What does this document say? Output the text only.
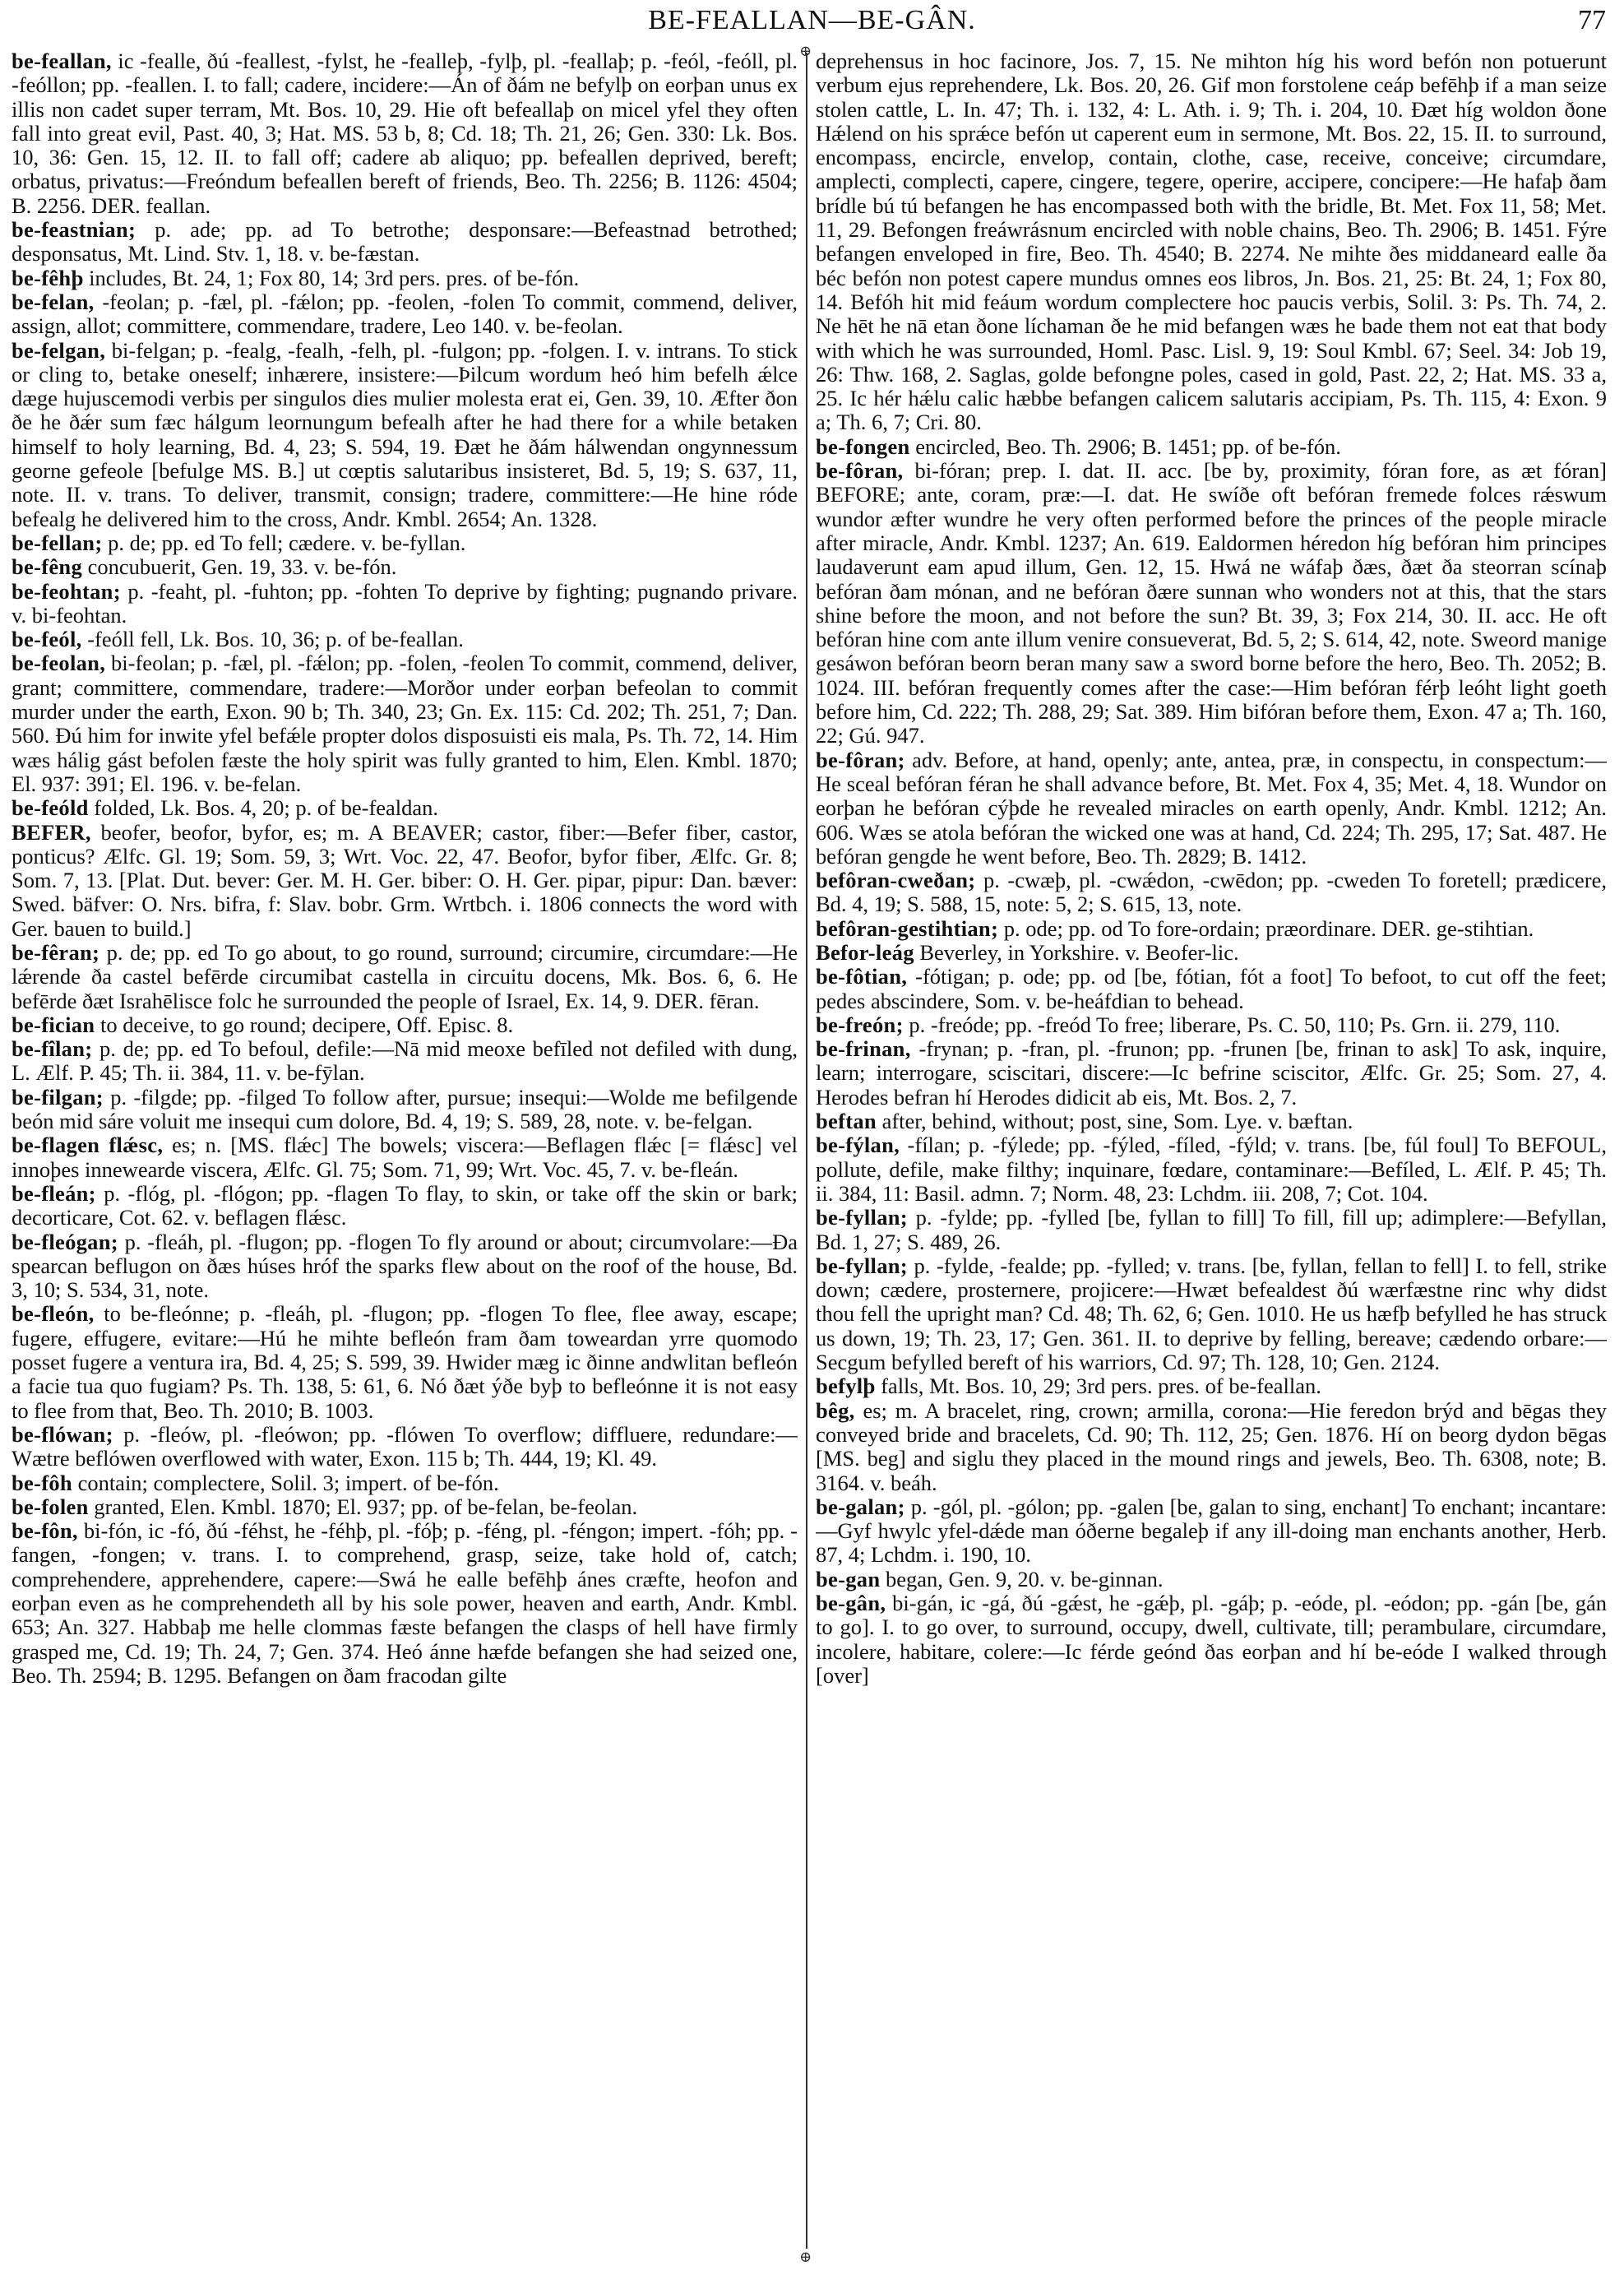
BE-FEALLAN—BE-GÂN.	77

be-feallan, ic -fealle, ðú -feallest, -fylst, he -fealleþ, -fylþ, pl. -feallaþ; p. -feól, -feóll, pl. -feóllon; pp. -feallen. I. to fall; cadere, incidere:—Án of ðám ne befylþ on eorþan unus ex illis non cadet super terram, Mt. Bos. 10, 29. Hie oft befeallaþ on micel yfel they often fall into great evil, Past. 40, 3; Hat. MS. 53 b, 8; Cd. 18; Th. 21, 26; Gen. 330: Lk. Bos. 10, 36: Gen. 15, 12. II. to fall off; cadere ab aliquo; pp. befeallen deprived, bereft; orbatus, privatus:—Freóndum befeallen bereft of friends, Beo. Th. 2256; B. 1126: 4504; B. 2256. DER. feallan.

be-feastnian; p. ade; pp. ad To betrothe; desponsare:—Befeastnad betrothed; desponsatus, Mt. Lind. Stv. 1, 18. v. be-fæstan.

be-fêhþ includes, Bt. 24, 1; Fox 80, 14; 3rd pers. pres. of be-fón.

be-felan, -feolan; p. -fæl, pl. -fǽlon; pp. -feolen, -folen To commit, commend, deliver, assign, allot; committere, commendare, tradere, Leo 140. v. be-feolan.

be-felgan, bi-felgan; p. -fealg, -fealh, -felh, pl. -fulgon; pp. -folgen. I. v. intrans. To stick or cling to, betake oneself; inhærere, insistere:—Þilcum wordum heó him befelh ǽlce dæge hujuscemodi verbis per singulos dies mulier molesta erat ei, Gen. 39, 10. Æfter ðon ðe he ðǽr sum fæc hálgum leornungum befealh after he had there for a while betaken himself to holy learning, Bd. 4, 23; S. 594, 19. Ðæt he ðám hálwendan ongynnessum georne gefeole [befulge MS. B.] ut cœptis salutaribus insisteret, Bd. 5, 19; S. 637, 11, note. II. v. trans. To deliver, transmit, consign; tradere, committere:—He hine róde befealg he delivered him to the cross, Andr. Kmbl. 2654; An. 1328.

be-fellan; p. de; pp. ed To fell; cædere. v. be-fyllan.

be-fêng concubuerit, Gen. 19, 33. v. be-fón.

be-feohtan; p. -feaht, pl. -fuhton; pp. -fohten To deprive by fighting; pugnando privare. v. bi-feohtan.

be-feól, -feóll fell, Lk. Bos. 10, 36; p. of be-feallan.

be-feolan, bi-feolan; p. -fæl, pl. -fǽlon; pp. -folen, -feolen To commit, commend, deliver, grant; committere, commendare, tradere:—Morðor under eorþan befeolan to commit murder under the earth, Exon. 90 b; Th. 340, 23; Gn. Ex. 115: Cd. 202; Th. 251, 7; Dan. 560. Ðú him for inwite yfel befǽle propter dolos disposuisti eis mala, Ps. Th. 72, 14. Him wæs hálig gást befolen fæste the holy spirit was fully granted to him, Elen. Kmbl. 1870; El. 937: 391; El. 196. v. be-felan.

be-feóld folded, Lk. Bos. 4, 20; p. of be-fealdan.

BEFER, beofer, beofor, byfor, es; m. A BEAVER; castor, fiber:—Befer fiber, castor, ponticus? Ælfc. Gl. 19; Som. 59, 3; Wrt. Voc. 22, 47. Beofor, byfor fiber, Ælfc. Gr. 8; Som. 7, 13. [Plat. Dut. bever: Ger. M. H. Ger. biber: O. H. Ger. pipar, pipur: Dan. bæver: Swed. bäfver: O. Nrs. bifra, f: Slav. bobr. Grm. Wrtbch. i. 1806 connects the word with Ger. bauen to build.]

be-fêran; p. de; pp. ed To go about, to go round, surround; circumire, circumdare:—He lǽrende ða castel befērde circumibat castella in circuitu docens, Mk. Bos. 6, 6. He befērde ðæt Israhēlisce folc he surrounded the people of Israel, Ex. 14, 9. DER. fēran.

be-fician to deceive, to go round; decipere, Off. Episc. 8.

be-fîlan; p. de; pp. ed To befoul, defile:—Nā mid meoxe befīled not defiled with dung, L. Ælf. P. 45; Th. ii. 384, 11. v. be-fȳlan.

be-filgan; p. -filgde; pp. -filged To follow after, pursue; insequi:—Wolde me befilgende beón mid sáre voluit me insequi cum dolore, Bd. 4, 19; S. 589, 28, note. v. be-felgan.

be-flagen flǽsc, es; n. [MS. flǽc] The bowels; viscera:—Beflagen flǽc [= flǽsc] vel innoþes innewearde viscera, Ælfc. Gl. 75; Som. 71, 99; Wrt. Voc. 45, 7. v. be-fleán.

be-fleán; p. -flóg, pl. -flógon; pp. -flagen To flay, to skin, or take off the skin or bark; decorticare, Cot. 62. v. beflagen flǽsc.

be-fleógan; p. -fleáh, pl. -flugon; pp. -flogen To fly around or about; circumvolare:—Ða spearcan beflugon on ðæs húses hróf the sparks flew about on the roof of the house, Bd. 3, 10; S. 534, 31, note.

be-fleón, to be-fleónne; p. -fleáh, pl. -flugon; pp. -flogen To flee, flee away, escape; fugere, effugere, evitare:—Hú he mihte befleón fram ðam toweardan yrre quomodo posset fugere a ventura ira, Bd. 4, 25; S. 599, 39. Hwider mæg ic ðinne andwlitan befleón a facie tua quo fugiam? Ps. Th. 138, 5: 61, 6. Nó ðæt ýðe byþ to befleónne it is not easy to flee from that, Beo. Th. 2010; B. 1003.

be-flówan; p. -fleów, pl. -fleówon; pp. -flówen To overflow; diffluere, redundare:—Wætre beflówen overflowed with water, Exon. 115 b; Th. 444, 19; Kl. 49.

be-fôh contain; complectere, Solil. 3; impert. of be-fón.

be-folen granted, Elen. Kmbl. 1870; El. 937; pp. of be-felan, be-feolan.

be-fôn, bi-fón, ic -fó, ðú -féhst, he -féhþ, pl. -fóþ; p. -féng, pl. -féngon; impert. -fóh; pp. -fangen, -fongen; v. trans. I. to comprehend, grasp, seize, take hold of, catch; comprehendere, apprehendere, capere:—Swá he ealle befēhþ ánes cræfte, heofon and eorþan even as he comprehendeth all by his sole power, heaven and earth, Andr. Kmbl. 653; An. 327. Habbaþ me helle clommas fæste befangen the clasps of hell have firmly grasped me, Cd. 19; Th. 24, 7; Gen. 374. Heó ánne hæfde befangen she had seized one, Beo. Th. 2594; B. 1295. Befangen on ðam fracodan gilte

⊕
⊕

deprehensus in hoc facinore, Jos. 7, 15. Ne mihton híg his word befón non potuerunt verbum ejus reprehendere, Lk. Bos. 20, 26. Gif mon forstolene ceáp befēhþ if a man seize stolen cattle, L. In. 47; Th. i. 132, 4: L. Ath. i. 9; Th. i. 204, 10. Ðæt híg woldon ðone Hǽlend on his sprǽce befón ut caperent eum in sermone, Mt. Bos. 22, 15. II. to surround, encompass, encircle, envelop, contain, clothe, case, receive, conceive; circumdare, amplecti, complecti, capere, cingere, tegere, operire, accipere, concipere:—He hafaþ ðam brídle bú tú befangen he has encompassed both with the bridle, Bt. Met. Fox 11, 58; Met. 11, 29. Befongen freáwrásnum encircled with noble chains, Beo. Th. 2906; B. 1451. Fýre befangen enveloped in fire, Beo. Th. 4540; B. 2274. Ne mihte ðes middaneard ealle ða béc befón non potest capere mundus omnes eos libros, Jn. Bos. 21, 25: Bt. 24, 1; Fox 80, 14. Befóh hit mid feáum wordum complectere hoc paucis verbis, Solil. 3: Ps. Th. 74, 2. Ne hēt he nā etan ðone líchaman ðe he mid befangen wæs he bade them not eat that body with which he was surrounded, Homl. Pasc. Lisl. 9, 19: Soul Kmbl. 67; Seel. 34: Job 19, 26: Thw. 168, 2. Saglas, golde befongne poles, cased in gold, Past. 22, 2; Hat. MS. 33 a, 25. Ic hér hǽlu calic hæbbe befangen calicem salutaris accipiam, Ps. Th. 115, 4: Exon. 9 a; Th. 6, 7; Cri. 80.

be-fongen encircled, Beo. Th. 2906; B. 1451; pp. of be-fón.

be-fôran, bi-fóran; prep. I. dat. II. acc. [be by, proximity, fóran fore, as æt fóran] BEFORE; ante, coram, præ:—I. dat. He swíðe oft befóran fremede folces rǽswum wundor æfter wundre he very often performed before the princes of the people miracle after miracle, Andr. Kmbl. 1237; An. 619. Ealdormen héredon híg befóran him principes laudaverunt eam apud illum, Gen. 12, 15. Hwá ne wáfaþ ðæs, ðæt ða steorran scínaþ befóran ðam mónan, and ne befóran ðære sunnan who wonders not at this, that the stars shine before the moon, and not before the sun? Bt. 39, 3; Fox 214, 30. II. acc. He oft befóran hine com ante illum venire consueverat, Bd. 5, 2; S. 614, 42, note. Sweord manige gesáwon befóran beorn beran many saw a sword borne before the hero, Beo. Th. 2052; B. 1024. III. befóran frequently comes after the case:—Him befóran férþ leóht light goeth before him, Cd. 222; Th. 288, 29; Sat. 389. Him bifóran before them, Exon. 47 a; Th. 160, 22; Gú. 947.

be-fôran; adv. Before, at hand, openly; ante, antea, præ, in conspectu, in conspectum:—He sceal befóran féran he shall advance before, Bt. Met. Fox 4, 35; Met. 4, 18. Wundor on eorþan he befóran cýþde he revealed miracles on earth openly, Andr. Kmbl. 1212; An. 606. Wæs se atola befóran the wicked one was at hand, Cd. 224; Th. 295, 17; Sat. 487. He befóran gengde he went before, Beo. Th. 2829; B. 1412.

befôran-cweðan; p. -cwæþ, pl. -cwǽdon, -cwēdon; pp. -cweden To foretell; prædicere, Bd. 4, 19; S. 588, 15, note: 5, 2; S. 615, 13, note.

befôran-gestihtian; p. ode; pp. od To fore-ordain; præordinare. DER. ge-stihtian.

Befor-leág Beverley, in Yorkshire. v. Beofer-lic.

be-fôtian, -fótigan; p. ode; pp. od [be, fótian, fót a foot] To befoot, to cut off the feet; pedes abscindere, Som. v. be-heáfdian to behead.

be-freón; p. -freóde; pp. -freód To free; liberare, Ps. C. 50, 110; Ps. Grn. ii. 279, 110.

be-frinan, -frynan; p. -fran, pl. -frunon; pp. -frunen [be, frinan to ask] To ask, inquire, learn; interrogare, sciscitari, discere:—Ic befrine sciscitor, Ælfc. Gr. 25; Som. 27, 4. Herodes befran hí Herodes didicit ab eis, Mt. Bos. 2, 7.

beftan after, behind, without; post, sine, Som. Lye. v. bæftan.

be-fýlan, -fílan; p. -fýlede; pp. -fýled, -fíled, -fýld; v. trans. [be, fúl foul] To BEFOUL, pollute, defile, make filthy; inquinare, fœdare, contaminare:—Befíled, L. Ælf. P. 45; Th. ii. 384, 11: Basil. admn. 7; Norm. 48, 23: Lchdm. iii. 208, 7; Cot. 104.

be-fyllan; p. -fylde; pp. -fylled [be, fyllan to fill] To fill, fill up; adimplere:—Befyllan, Bd. 1, 27; S. 489, 26.

be-fyllan; p. -fylde, -fealde; pp. -fylled; v. trans. [be, fyllan, fellan to fell] I. to fell, strike down; cædere, prosternere, projicere:—Hwæt befealdest ðú wærfæstne rinc why didst thou fell the upright man? Cd. 48; Th. 62, 6; Gen. 1010. He us hæfþ befylled he has struck us down, 19; Th. 23, 17; Gen. 361. II. to deprive by felling, bereave; cædendo orbare:—Secgum befylled bereft of his warriors, Cd. 97; Th. 128, 10; Gen. 2124.

befylþ falls, Mt. Bos. 10, 29; 3rd pers. pres. of be-feallan.

bêg, es; m. A bracelet, ring, crown; armilla, corona:—Hie feredon brýd and bēgas they conveyed bride and bracelets, Cd. 90; Th. 112, 25; Gen. 1876. Hí on beorg dydon bēgas [MS. beg] and siglu they placed in the mound rings and jewels, Beo. Th. 6308, note; B. 3164. v. beáh.

be-galan; p. -gól, pl. -gólon; pp. -galen [be, galan to sing, enchant] To enchant; incantare:—Gyf hwylc yfel-dǽde man óðerne begaleþ if any ill-doing man enchants another, Herb. 87, 4; Lchdm. i. 190, 10.

be-gan began, Gen. 9, 20. v. be-ginnan.

be-gân, bi-gán, ic -gá, ðú -gǽst, he -gǽþ, pl. -gáþ; p. -eóde, pl. -eódon; pp. -gán [be, gán to go]. I. to go over, to surround, occupy, dwell, cultivate, till; perambulare, circumdare, incolere, habitare, colere:—Ic férde geónd ðas eorþan and hí be-eóde I walked through [over]
